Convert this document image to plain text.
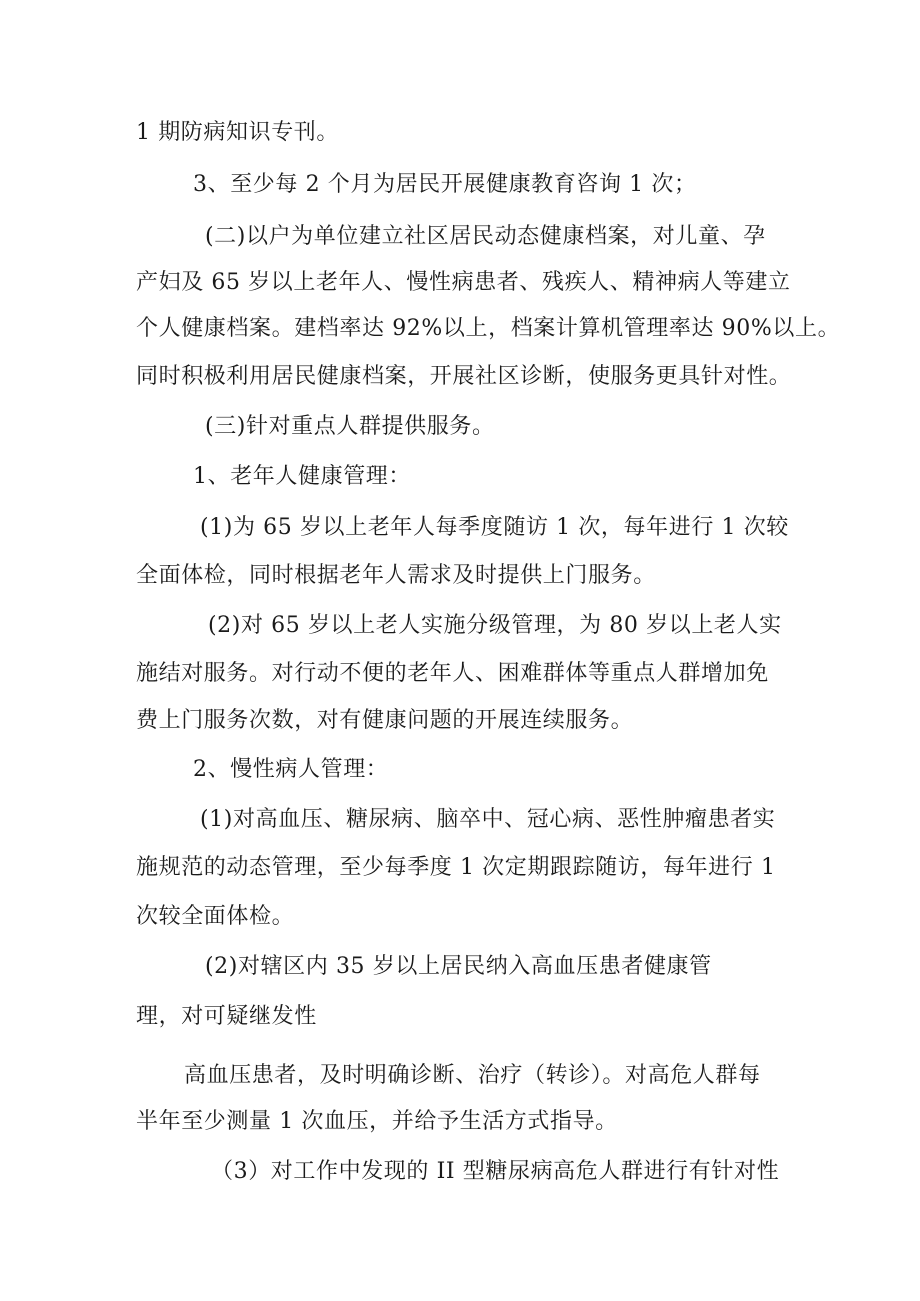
1 期防病知识专刊。
3、至少每 2 个月为居民开展健康教育咨询 1 次；
(二)以户为单位建立社区居民动态健康档案，对儿童、孕
产妇及 65 岁以上老年人、慢性病患者、残疾人、精神病人等建立
个人健康档案。建档率达 92%以上，档案计算机管理率达 90%以上。
同时积极利用居民健康档案，开展社区诊断，使服务更具针对性。
(三)针对重点人群提供服务。
1、老年人健康管理：
(1)为 65 岁以上老年人每季度随访 1 次，每年进行 1 次较
全面体检，同时根据老年人需求及时提供上门服务。
(2)对 65 岁以上老人实施分级管理，为 80 岁以上老人实
施结对服务。对行动不便的老年人、困难群体等重点人群增加免
费上门服务次数，对有健康问题的开展连续服务。
2、慢性病人管理：
(1)对高血压、糖尿病、脑卒中、冠心病、恶性肿瘤患者实
施规范的动态管理，至少每季度 1 次定期跟踪随访，每年进行 1
次较全面体检。
(2)对辖区内 35 岁以上居民纳入高血压患者健康管
理，对可疑继发性
高血压患者，及时明确诊断、治疗（转诊）。对高危人群每
半年至少测量 1 次血压，并给予生活方式指导。
（3）对工作中发现的 II 型糖尿病高危人群进行有针对性
